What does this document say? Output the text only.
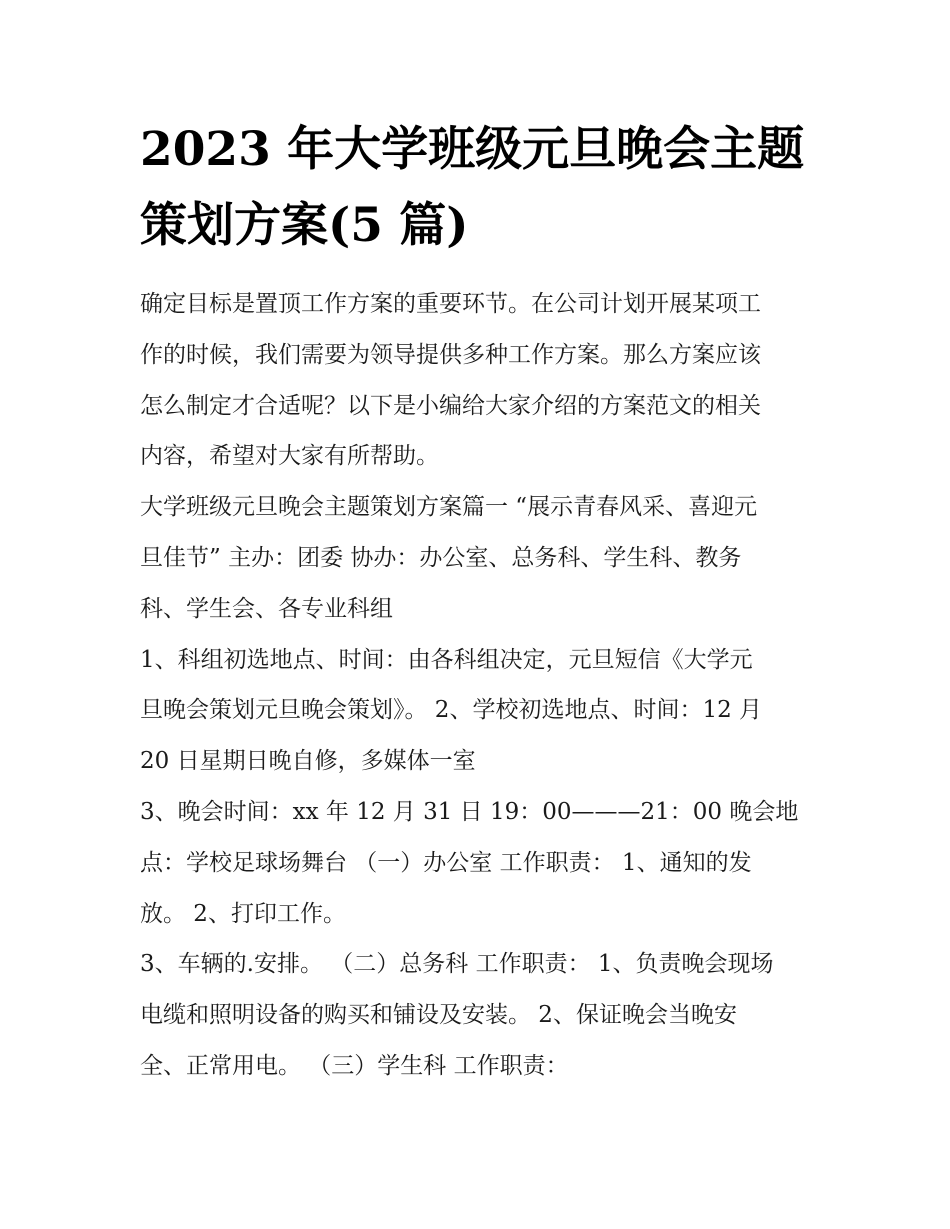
2023 年大学班级元旦晚会主题
策划方案(5 篇)

确定目标是置顶工作方案的重要环节。在公司计划开展某项工
作的时候，我们需要为领导提供多种工作方案。那么方案应该
怎么制定才合适呢？以下是小编给大家介绍的方案范文的相关
内容，希望对大家有所帮助。

大学班级元旦晚会主题策划方案篇一 “展示青春风采、喜迎元
旦佳节” 主办：团委 协办：办公室、总务科、学生科、教务
科、学生会、各专业科组

1、科组初选地点、时间：由各科组决定，元旦短信《大学元
旦晚会策划元旦晚会策划》。 2、学校初选地点、时间：12 月
20 日星期日晚自修，多媒体一室

3、晚会时间：xx 年 12 月 31 日 19：00———21：00 晚会地
点：学校足球场舞台 （一）办公室 工作职责： 1、通知的发
放。 2、打印工作。

3、车辆的.安排。 （二）总务科 工作职责： 1、负责晚会现场
电缆和照明设备的购买和铺设及安装。 2、保证晚会当晚安
全、正常用电。 （三）学生科 工作职责：
